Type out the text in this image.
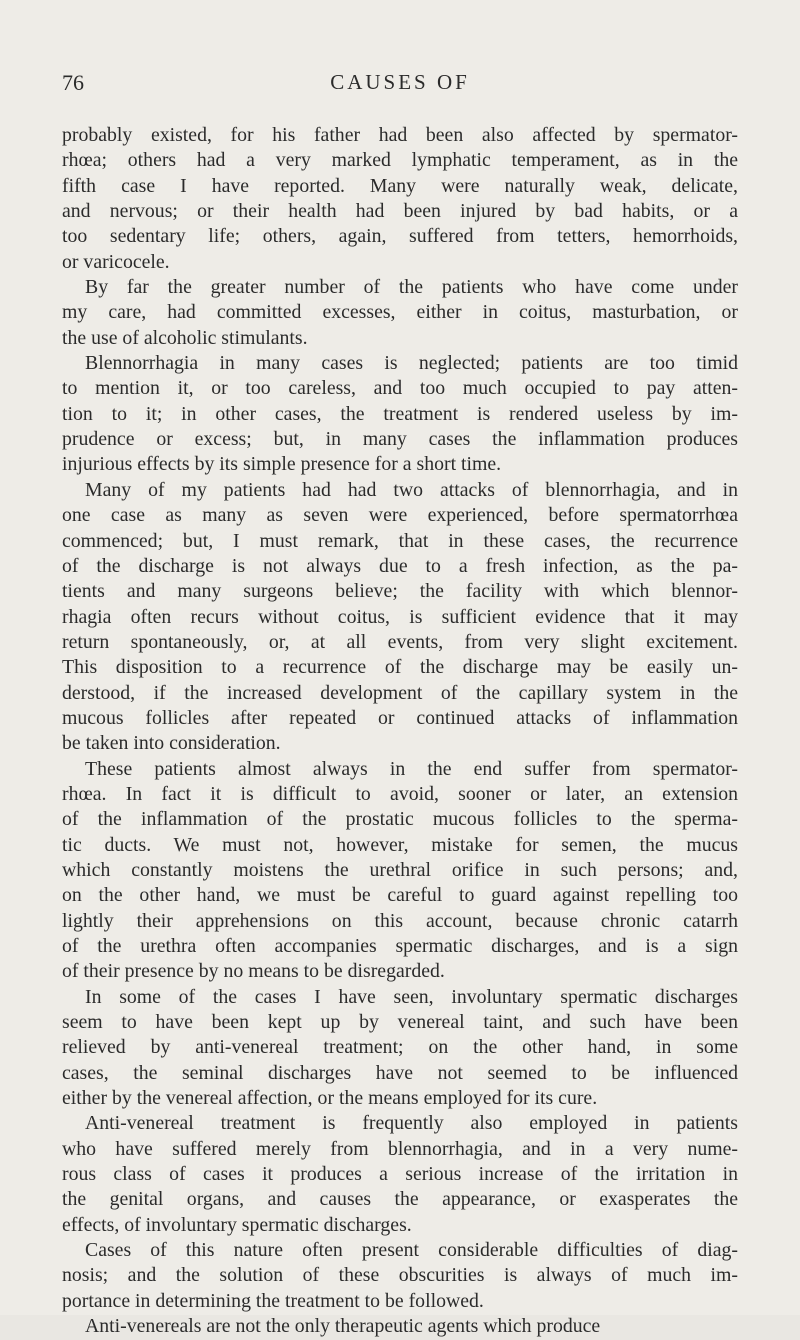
76	CAUSES OF

probably existed, for his father had been also affected by spermator-
rhœa; others had a very marked lymphatic temperament, as in the
fifth case I have reported. Many were naturally weak, delicate,
and nervous; or their health had been injured by bad habits, or a
too sedentary life; others, again, suffered from tetters, hemorrhoids,
or varicocele.

By far the greater number of the patients who have come under
my care, had committed excesses, either in coitus, masturbation, or
the use of alcoholic stimulants.

Blennorrhagia in many cases is neglected; patients are too timid
to mention it, or too careless, and too much occupied to pay atten-
tion to it; in other cases, the treatment is rendered useless by im-
prudence or excess; but, in many cases the inflammation produces
injurious effects by its simple presence for a short time.

Many of my patients had had two attacks of blennorrhagia, and in
one case as many as seven were experienced, before spermatorrhœa
commenced; but, I must remark, that in these cases, the recurrence
of the discharge is not always due to a fresh infection, as the pa-
tients and many surgeons believe; the facility with which blennor-
rhagia often recurs without coitus, is sufficient evidence that it may
return spontaneously, or, at all events, from very slight excitement.
This disposition to a recurrence of the discharge may be easily un-
derstood, if the increased development of the capillary system in the
mucous follicles after repeated or continued attacks of inflammation
be taken into consideration.

These patients almost always in the end suffer from spermator-
rhœa. In fact it is difficult to avoid, sooner or later, an extension
of the inflammation of the prostatic mucous follicles to the sperma-
tic ducts. We must not, however, mistake for semen, the mucus
which constantly moistens the urethral orifice in such persons; and,
on the other hand, we must be careful to guard against repelling too
lightly their apprehensions on this account, because chronic catarrh
of the urethra often accompanies spermatic discharges, and is a sign
of their presence by no means to be disregarded.

In some of the cases I have seen, involuntary spermatic discharges
seem to have been kept up by venereal taint, and such have been
relieved by anti-venereal treatment; on the other hand, in some
cases, the seminal discharges have not seemed to be influenced
either by the venereal affection, or the means employed for its cure.

Anti-venereal treatment is frequently also employed in patients
who have suffered merely from blennorrhagia, and in a very nume-
rous class of cases it produces a serious increase of the irritation in
the genital organs, and causes the appearance, or exasperates the
effects, of involuntary spermatic discharges.

Cases of this nature often present considerable difficulties of diag-
nosis; and the solution of these obscurities is always of much im-
portance in determining the treatment to be followed.

Anti-venereals are not the only therapeutic agents which produce
